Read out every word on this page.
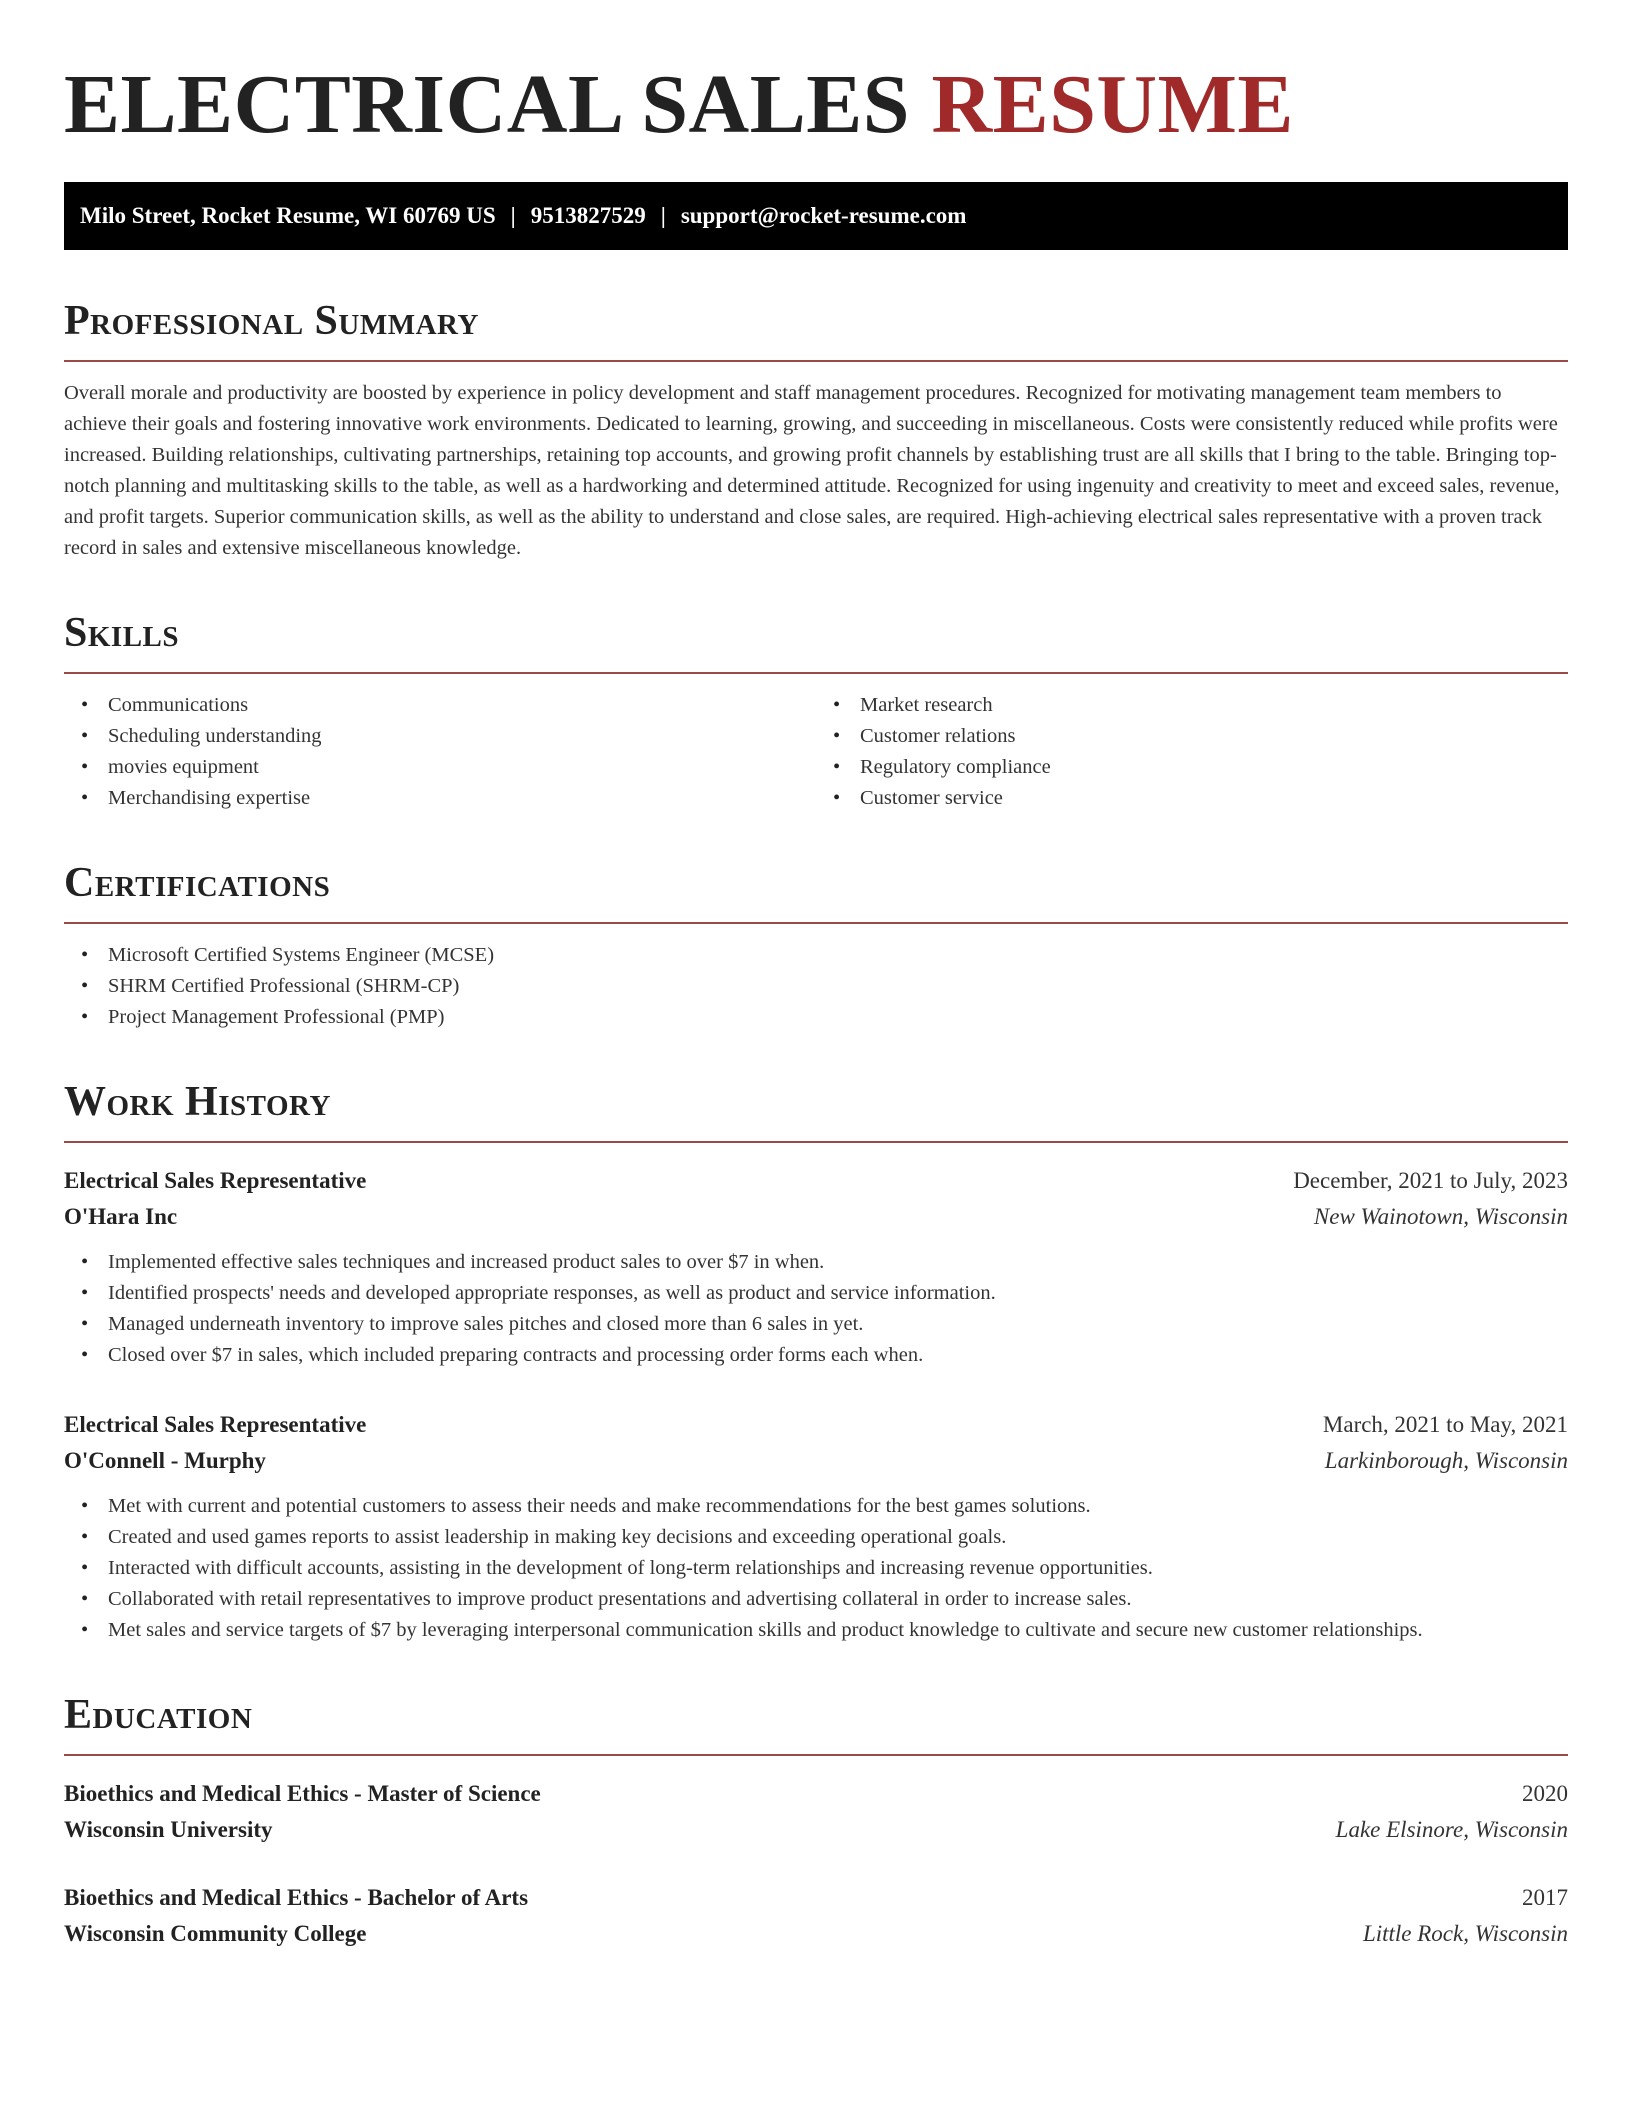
ELECTRICAL SALES RESUME
Milo Street, Rocket Resume, WI 60769 US | 9513827529 | support@rocket-resume.com
Professional Summary

Overall morale and productivity are boosted by experience in policy development and staff management procedures. Recognized for motivating management team members to achieve their goals and fostering innovative work environments. Dedicated to learning, growing, and succeeding in miscellaneous. Costs were consistently reduced while profits were increased. Building relationships, cultivating partnerships, retaining top accounts, and growing profit channels by establishing trust are all skills that I bring to the table. Bringing top-notch planning and multitasking skills to the table, as well as a hardworking and determined attitude. Recognized for using ingenuity and creativity to meet and exceed sales, revenue, and profit targets. Superior communication skills, as well as the ability to understand and close sales, are required. High-achieving electrical sales representative with a proven track record in sales and extensive miscellaneous knowledge.

Skills
• Communications
• Scheduling understanding
• movies equipment
• Merchandising expertise
• Market research
• Customer relations
• Regulatory compliance
• Customer service
Certifications
• Microsoft Certified Systems Engineer (MCSE)
• SHRM Certified Professional (SHRM-CP)
• Project Management Professional (PMP)
Work History
Electrical Sales Representative	December, 2021 to July, 2023
O'Hara Inc	New Wainotown, Wisconsin
• Implemented effective sales techniques and increased product sales to over $7 in when.
• Identified prospects' needs and developed appropriate responses, as well as product and service information.
• Managed underneath inventory to improve sales pitches and closed more than 6 sales in yet.
• Closed over $7 in sales, which included preparing contracts and processing order forms each when.
Electrical Sales Representative	March, 2021 to May, 2021
O'Connell - Murphy	Larkinborough, Wisconsin
• Met with current and potential customers to assess their needs and make recommendations for the best games solutions.
• Created and used games reports to assist leadership in making key decisions and exceeding operational goals.
• Interacted with difficult accounts, assisting in the development of long-term relationships and increasing revenue opportunities.
• Collaborated with retail representatives to improve product presentations and advertising collateral in order to increase sales.
• Met sales and service targets of $7 by leveraging interpersonal communication skills and product knowledge to cultivate and secure new customer relationships.
Education
Bioethics and Medical Ethics - Master of Science	2020
Wisconsin University	Lake Elsinore, Wisconsin
Bioethics and Medical Ethics - Bachelor of Arts	2017
Wisconsin Community College	Little Rock, Wisconsin
